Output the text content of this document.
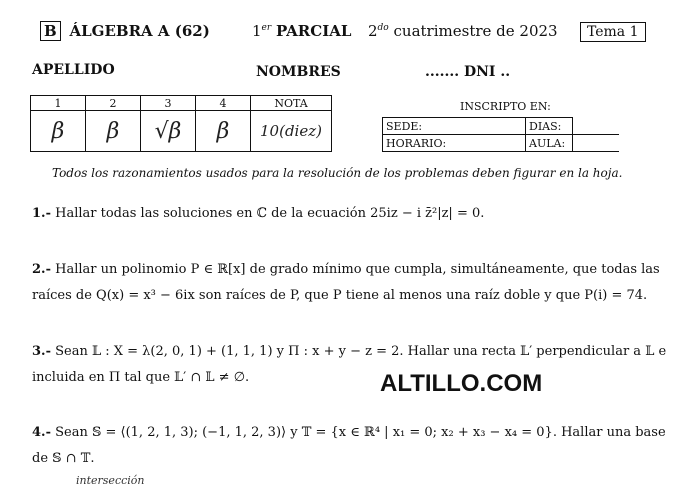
B ÁLGEBRA A (62)	1er PARCIAL $2^{do}$ cuatrimestre de 2023	Tema 1
APELLIDO	NOMBRES	....... DNI ..
1	2	3	4	NOTA
β	β	√β	β	10(diez)
INSCRIPTO EN:
SEDE:	DIAS:	
HORARIO:	AULA:	
Todos los razonamientos usados para la resolución de los problemas deben figurar en la hoja.
1.- Hallar todas las soluciones en ℂ de la ecuación 25iz − i z̄²|z| = 0.
2.- Hallar un polinomio P ∈ ℝ[x] de grado mínimo que cumpla, simultáneamente, que todas las
raíces de Q(x) = x³ − 6ix son raíces de P, que P tiene al menos una raíz doble y que P(i) = 74.
3.- Sean 𝕃 : X = λ(2, 0, 1) + (1, 1, 1) y Π : x + y − z = 2. Hallar una recta 𝕃′ perpendicular a 𝕃 e
incluida en Π tal que 𝕃′ ∩ 𝕃 ≠ ∅.
4.- Sean 𝕊 = ⟨(1, 2, 1, 3); (−1, 1, 2, 3)⟩ y 𝕋 = {x ∈ ℝ⁴ | x₁ = 0; x₂ + x₃ − x₄ = 0}. Hallar una base
de 𝕊 ∩ 𝕋.
ALTILLO.COM
intersección
